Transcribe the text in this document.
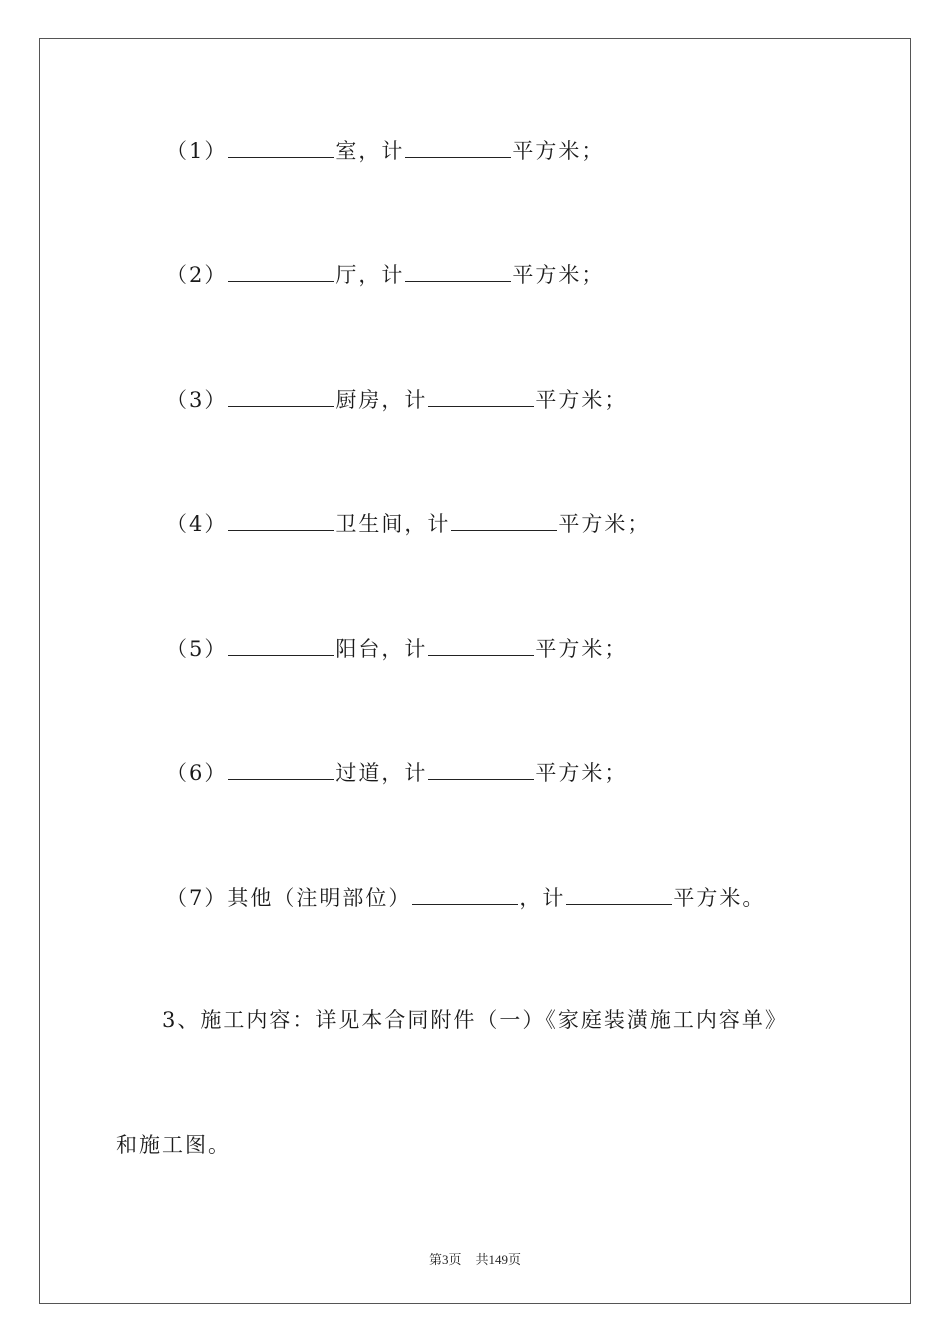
（1）	室，计	平方米；
（2）	厅，计	平方米；
（3）	厨房，计	平方米；
（4）	卫生间，计	平方米；
（5）	阳台，计	平方米；
（6）	过道，计	平方米；
（7）其他（注明部位）	，计	平方米。
3、施工内容：详见本合同附件（一）《家庭装潢施工内容单》
和施工图。
第3页 共149页
